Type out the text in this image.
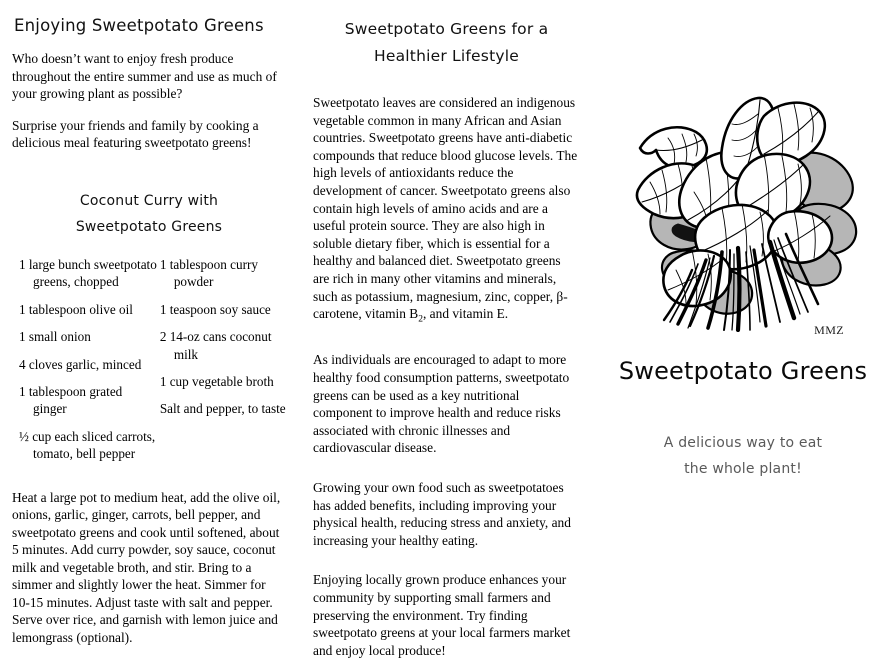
Enjoying Sweetpotato Greens

Who doesn’t want to enjoy fresh produce throughout the entire summer and use as much of your growing plant as possible?

Surprise your friends and family by cooking a delicious meal featuring sweetpotato greens!

Coconut Curry with
Sweetpotato Greens
1 large bunch sweetpotato greens, chopped
1 tablespoon olive oil
1 small onion
4 cloves garlic, minced
1 tablespoon grated ginger
½ cup each sliced carrots, tomato, bell pepper
1 tablespoon curry powder
1 teaspoon soy sauce
2 14-oz cans coconut milk
1 cup vegetable broth
Salt and pepper, to taste

Heat a large pot to medium heat, add the olive oil, onions, garlic, ginger, carrots, bell pepper, and sweetpotato greens and cook until softened, about 5 minutes. Add curry powder, soy sauce, coconut milk and vegetable broth, and stir. Bring to a simmer and slightly lower the heat. Simmer for 10-15 minutes. Adjust taste with salt and pepper. Serve over rice, and garnish with lemon juice and lemongrass (optional).

Sweetpotato Greens for a
Healthier Lifestyle

Sweetpotato leaves are considered an indigenous vegetable common in many African and Asian countries. Sweetpotato greens have anti-diabetic compounds that reduce blood glucose levels. The high levels of antioxidants reduce the development of cancer. Sweetpotato greens also contain high levels of amino acids and are a useful protein source. They are also high in soluble dietary fiber, which is essential for a healthy and balanced diet. Sweetpotato greens are rich in many other vitamins and minerals, such as potassium, magnesium, zinc, copper, β-carotene, vitamin $B_2$, and vitamin E.

As individuals are encouraged to adapt to more healthy food consumption patterns, sweetpotato greens can be used as a key nutritional component to improve health and reduce risks associated with chronic illnesses and cardiovascular disease.

Growing your own food such as sweetpotatoes has added benefits, including improving your physical health, reducing stress and anxiety, and increasing your healthy eating.

Enjoying locally grown produce enhances your community by supporting small farmers and preserving the environment. Try finding sweetpotato greens at your local farmers market and enjoy local produce!

MMZ
Sweetpotato Greens
A delicious way to eat
the whole plant!
